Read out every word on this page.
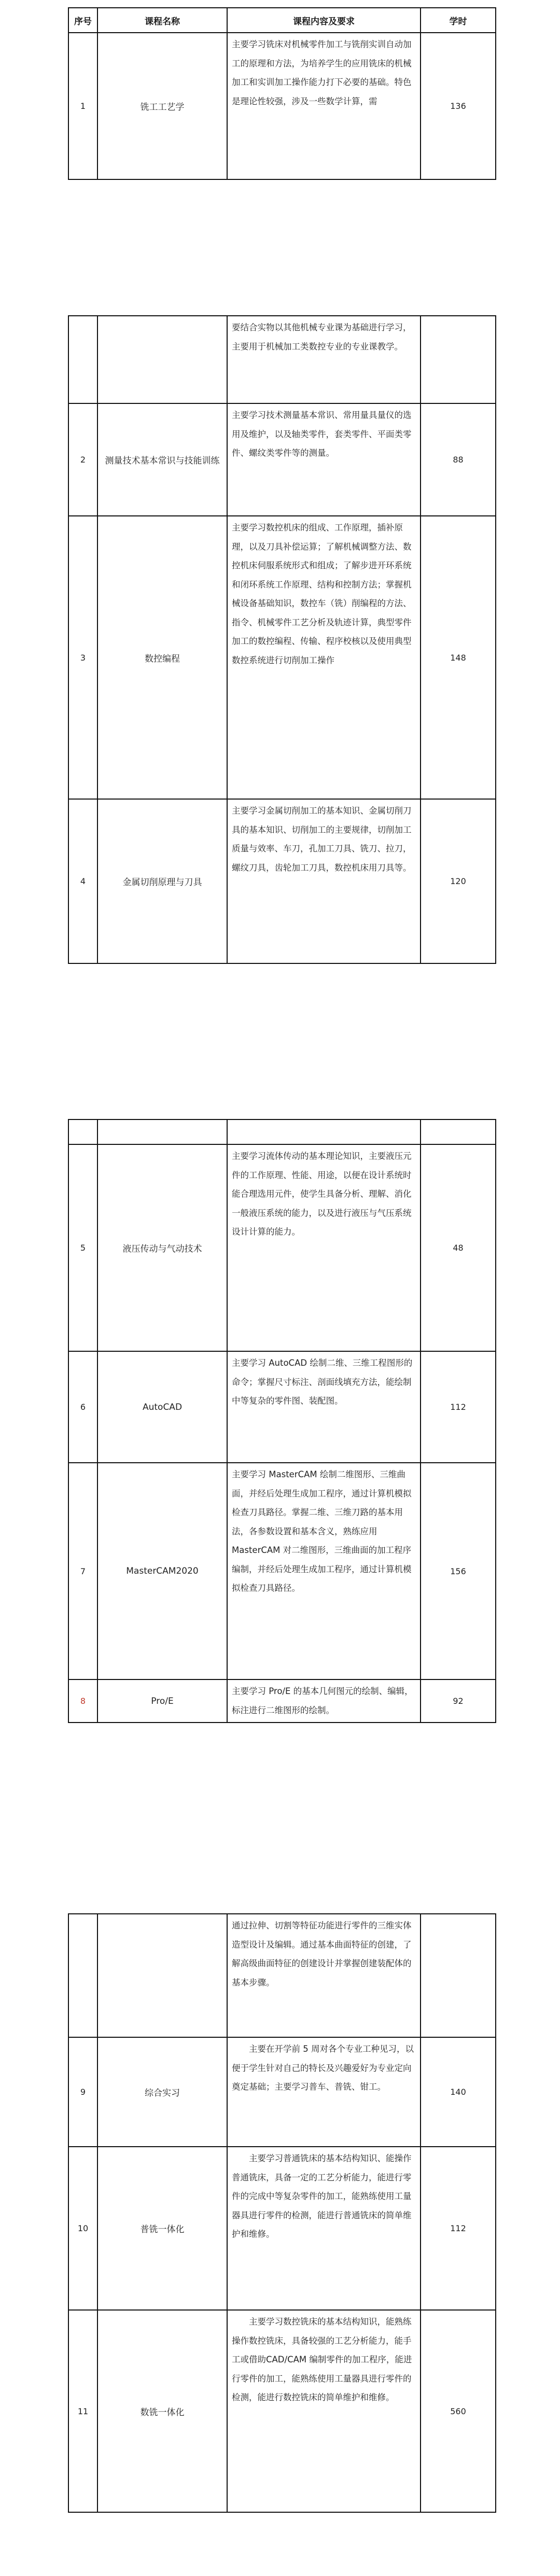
序号	课程名称	课程内容及要求	学时
1	铣工工艺学	主要学习铣床对机械零件加工与铣削实训自动加工的原理和方法，为培养学生的应用铣床的机械加工和实训加工操作能力打下必要的基础。特色是理论性较强，涉及一些数学计算，需	136
		要结合实物以其他机械专业课为基础进行学习，主要用于机械加工类数控专业的专业课教学。	
2	测量技术基本常识与技能训练	主要学习技术测量基本常识、常用量具量仪的选用及维护，以及轴类零件，套类零件、平面类零件、螺纹类零件等的测量。	88
3	数控编程	主要学习数控机床的组成、工作原理，插补原理，以及刀具补偿运算；了解机械调整方法、数控机床伺服系统形式和组成；了解步进开环系统和闭环系统工作原理、结构和控制方法；掌握机械设备基础知识，数控车（铣）削编程的方法、指令、机械零件工艺分析及轨迹计算，典型零件加工的数控编程、传输、程序校核以及使用典型数控系统进行切削加工操作	148
4	金属切削原理与刀具	主要学习金属切削加工的基本知识、金属切削刀具的基本知识、切削加工的主要规律，切削加工质量与效率、车刀，孔加工刀具、铣刀、拉刀，螺纹刀具，齿轮加工刀具，数控机床用刀具等。	120

5	液压传动与气动技术	主要学习流体传动的基本理论知识，主要液压元件的工作原理、性能、用途，以便在设计系统时能合理选用元件，使学生具备分析、理解、消化一般液压系统的能力，以及进行液压与气压系统设计计算的能力。	48
6	AutoCAD	主要学习 AutoCAD 绘制二维、三维工程图形的命令；掌握尺寸标注、剖面线填充方法，能绘制中等复杂的零件图、装配图。	112
7	MasterCAM2020	主要学习 MasterCAM 绘制二维图形、三维曲面，并经后处理生成加工程序，通过计算机模拟检查刀具路径。掌握二维、三维刀路的基本用法，各参数设置和基本含义，熟练应用MasterCAM 对二维图形，三维曲面的加工程序编制，并经后处理生成加工程序，通过计算机模拟检查刀具路径。	156
8	Pro/E	主要学习 Pro/E 的基本几何图元的绘制、编辑，标注进行二维图形的绘制。	92
		通过拉伸、切割等特征功能进行零件的三维实体造型设计及编辑。通过基本曲面特征的创建，了解高级曲面特征的创建设计并掌握创建装配体的基本步骤。	
9	综合实习	主要在开学前 5 周对各个专业工种见习，以便于学生针对自己的特长及兴趣爱好为专业定向奠定基础；主要学习普车、普铣、钳工。	140
10	普铣一体化	主要学习普通铣床的基本结构知识、能操作普通铣床，具备一定的工艺分析能力，能进行零件的完成中等复杂零件的加工，能熟练使用工量器具进行零件的检测，能进行普通铣床的简单维护和维修。	112
11	数铣一体化	主要学习数控铣床的基本结构知识，能熟练操作数控铣床，具备较强的工艺分析能力，能手工或借助CAD/CAM 编制零件的加工程序，能进行零件的加工，能熟练使用工量器具进行零件的检测，能进行数控铣床的简单维护和维修。	560
